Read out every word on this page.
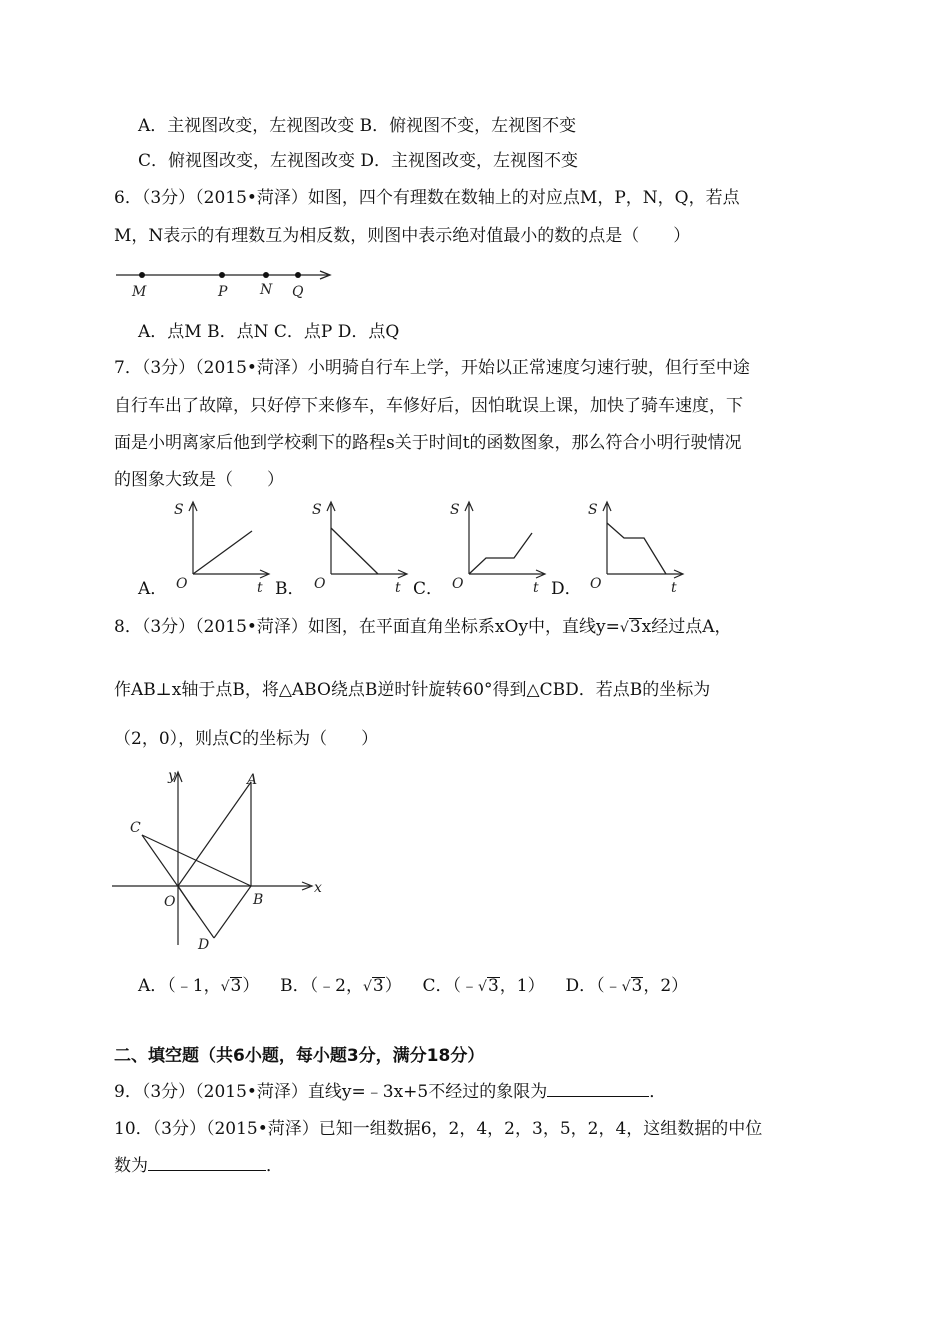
A．主视图改变，左视图改变 B．俯视图不变，左视图不变
C．俯视图改变，左视图改变 D．主视图改变，左视图不变
6．（3分）（2015•菏泽）如图，四个有理数在数轴上的对应点M，P，N，Q，若点
M，N表示的有理数互为相反数，则图中表示绝对值最小的数的点是（　　）
M	P N Q
A．点M B．点N C．点P D．点Q
7．（3分）（2015•菏泽）小明骑自行车上学，开始以正常速度匀速行驶，但行至中途
自行车出了故障，只好停下来修车，车修好后，因怕耽误上课，加快了骑车速度，下
面是小明离家后他到学校剩下的路程s关于时间t的函数图象，那么符合小明行驶情况
的图象大致是（　　）
A．
S
O	t B．
S
O	t C．
S
O	t D．
S
O	t
8．（3分）（2015•菏泽）如图，在平面直角坐标系xOy中，直线y=√3x经过点A，
作AB⊥x轴于点B，将△ABO绕点B逆时针旋转60°得到△CBD．若点B的坐标为
（2，0），则点C的坐标为（　　）
y
x
A
B
C
O
D
A．（﹣1，√3） B．（﹣2，√3） C．（﹣√3，1） D．（﹣√3，2）
二、填空题（共6小题，每小题3分，满分18分）
9．（3分）（2015•菏泽）直线y=﹣3x+5不经过的象限为	．
10．（3分）（2015•菏泽）已知一组数据6，2，4，2，3，5，2，4，这组数据的中位
数为	．
